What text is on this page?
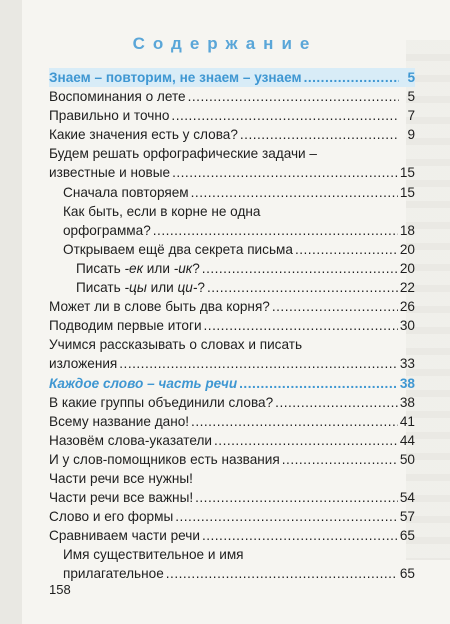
Содержание
Знаем – повторим, не знаем – узнаем .....	5
Воспоминания о лете .....	5
Правильно и точно .....	7
Какие значения есть у слова? .....	9
Будем решать орфографические задачи –
известные и новые .....	15
Сначала повторяем .....	15
Как быть, если в корне не одна
орфограмма? .....	18
Открываем ещё два секрета письма .....	20
Писать -ек или -ик? .....	20
Писать -цы или ци-? .....	22
Может ли в слове быть два корня? .....	26
Подводим первые итоги .....	30
Учимся рассказывать о словах и писать
изложения .....	33
Каждое слово – часть речи .....	38
В какие группы объединили слова? .....	38
Всему название дано! .....	41
Назовём слова-указатели .....	44
И у слов-помощников есть названия .....	50
Части речи все нужны!
Части речи все важны! .....	54
Слово и его формы .....	57
Сравниваем части речи .....	65
Имя существительное и имя
прилагательное .....	65
158
